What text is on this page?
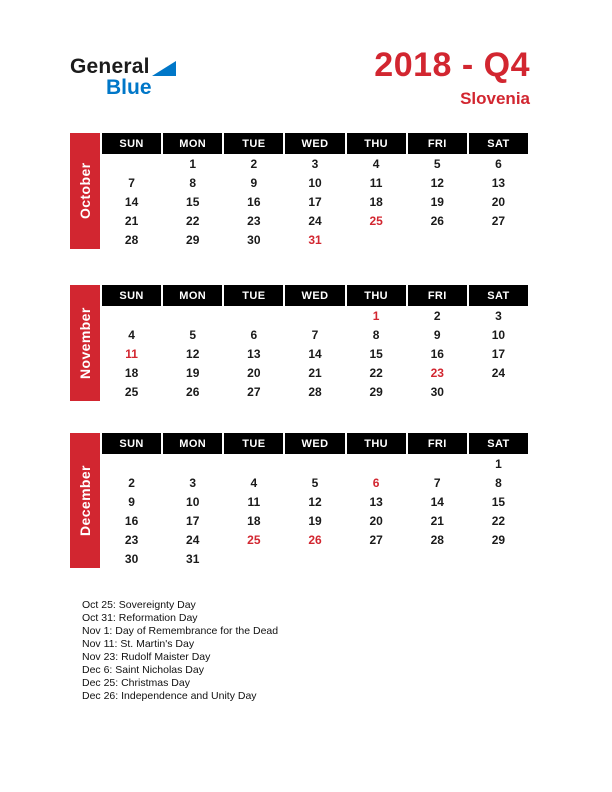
General
Blue
2018 - Q4
Slovenia
October
SUN	MON	TUE	WED	THU	FRI	SAT
	1	2	3	4	5	6
7	8	9	10	11	12	13
14	15	16	17	18	19	20
21	22	23	24	25	26	27
28	29	30	31			
November
SUN	MON	TUE	WED	THU	FRI	SAT
				1	2	3
4	5	6	7	8	9	10
11	12	13	14	15	16	17
18	19	20	21	22	23	24
25	26	27	28	29	30	
December
SUN	MON	TUE	WED	THU	FRI	SAT
						1
2	3	4	5	6	7	8
9	10	11	12	13	14	15
16	17	18	19	20	21	22
23	24	25	26	27	28	29
30	31					
Oct 25: Sovereignty Day
Oct 31: Reformation Day
Nov 1: Day of Remembrance for the Dead
Nov 11: St. Martin's Day
Nov 23: Rudolf Maister Day
Dec 6: Saint Nicholas Day
Dec 25: Christmas Day
Dec 26: Independence and Unity Day
